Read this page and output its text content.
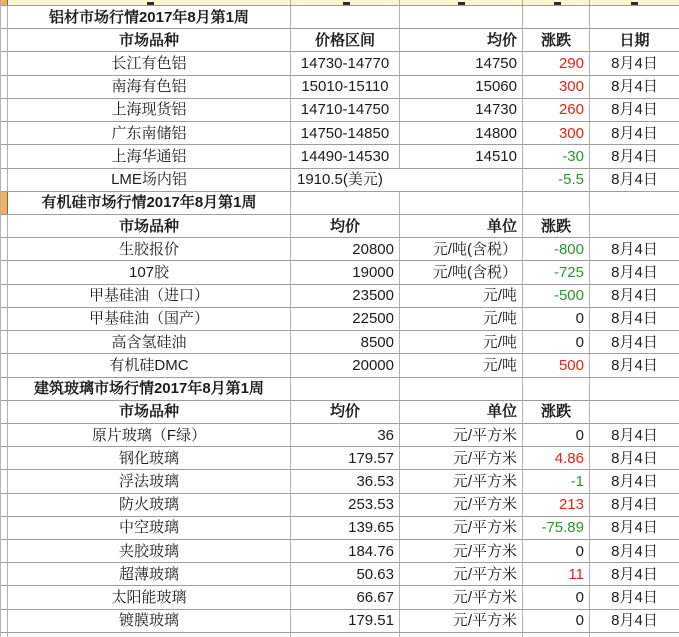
铝材市场行情2017年8月第1周
市场品种	价格区间	均价	涨跌	日期
长江有色铝	14730-14770	14750	290	8月4日
南海有色铝	15010-15110	15060	300	8月4日
上海现货铝	14710-14750	14730	260	8月4日
广东南储铝	14750-14850	14800	300	8月4日
上海华通铝	14490-14530	14510	-30	8月4日
LME场内铝	1910.5(美元)	-5.5	8月4日
有机硅市场行情2017年8月第1周
市场品种	均价	单位	涨跌
生胶报价	20800	元/吨(含税）	-800	8月4日
107胶	19000	元/吨(含税）	-725	8月4日
甲基硅油（进口）	23500	元/吨	-500	8月4日
甲基硅油（国产）	22500	元/吨	0	8月4日
高含氢硅油	8500	元/吨	0	8月4日
有机硅DMC	20000	元/吨	500	8月4日
建筑玻璃市场行情2017年8月第1周
市场品种	均价	单位	涨跌
原片玻璃（F绿）	36	元/平方米	0	8月4日
钢化玻璃	179.57	元/平方米	4.86	8月4日
浮法玻璃	36.53	元/平方米	-1	8月4日
防火玻璃	253.53	元/平方米	213	8月4日
中空玻璃	139.65	元/平方米	-75.89	8月4日
夹胶玻璃	184.76	元/平方米	0	8月4日
超薄玻璃	50.63	元/平方米	11	8月4日
太阳能玻璃	66.67	元/平方米	0	8月4日
镀膜玻璃	179.51	元/平方米	0	8月4日
